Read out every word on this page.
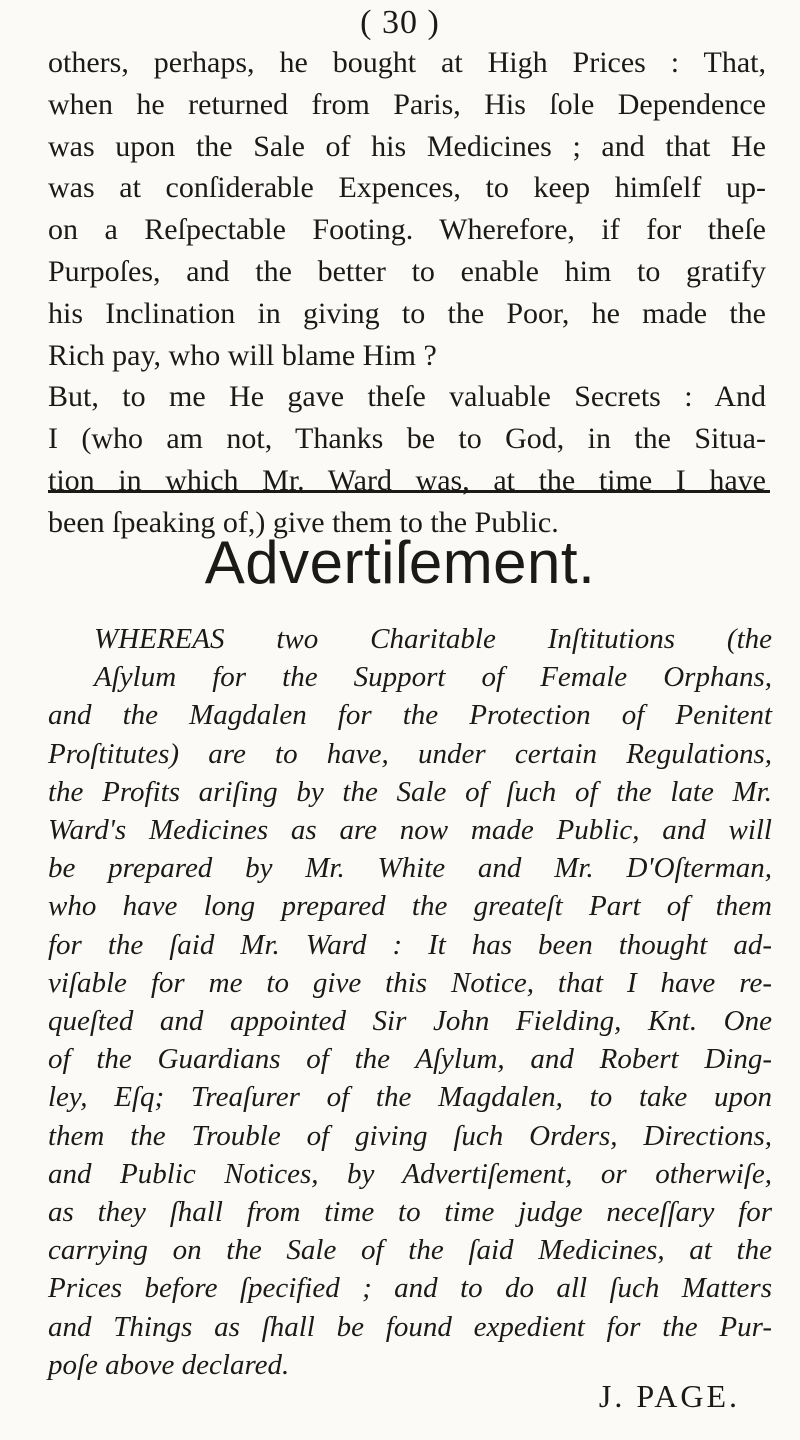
( 30 )

others, perhaps, he bought at High Prices : That,

when he returned from Paris, His ſole Dependence

was upon the Sale of his Medicines ; and that He

was at conſiderable Expences, to keep himſelf up-

on a Reſpectable Footing. Wherefore, if for theſe

Purpoſes, and the better to enable him to gratify

his Inclination in giving to the Poor, he made the

Rich pay, who will blame Him ?

But, to me He gave theſe valuable Secrets : And

I (who am not, Thanks be to God, in the Situa-

tion in which Mr. Ward was, at the time I have

been ſpeaking of,) give them to the Public.

Advertiſement.

WHEREAS two Charitable Inſtitutions (the

Aſylum for the Support of Female Orphans,

and the Magdalen for the Protection of Penitent

Proſtitutes) are to have, under certain Regulations,

the Profits ariſing by the Sale of ſuch of the late Mr.

Ward's Medicines as are now made Public, and will

be prepared by Mr. White and Mr. D'Oſterman,

who have long prepared the greateſt Part of them

for the ſaid Mr. Ward : It has been thought ad-

viſable for me to give this Notice, that I have re-

queſted and appointed Sir John Fielding, Knt. One

of the Guardians of the Aſylum, and Robert Ding-

ley, Eſq; Treaſurer of the Magdalen, to take upon

them the Trouble of giving ſuch Orders, Directions,

and Public Notices, by Advertiſement, or otherwiſe,

as they ſhall from time to time judge neceſſary for

carrying on the Sale of the ſaid Medicines, at the

Prices before ſpecified ; and to do all ſuch Matters

and Things as ſhall be found expedient for the Pur-

poſe above declared.

J. PAGE.
